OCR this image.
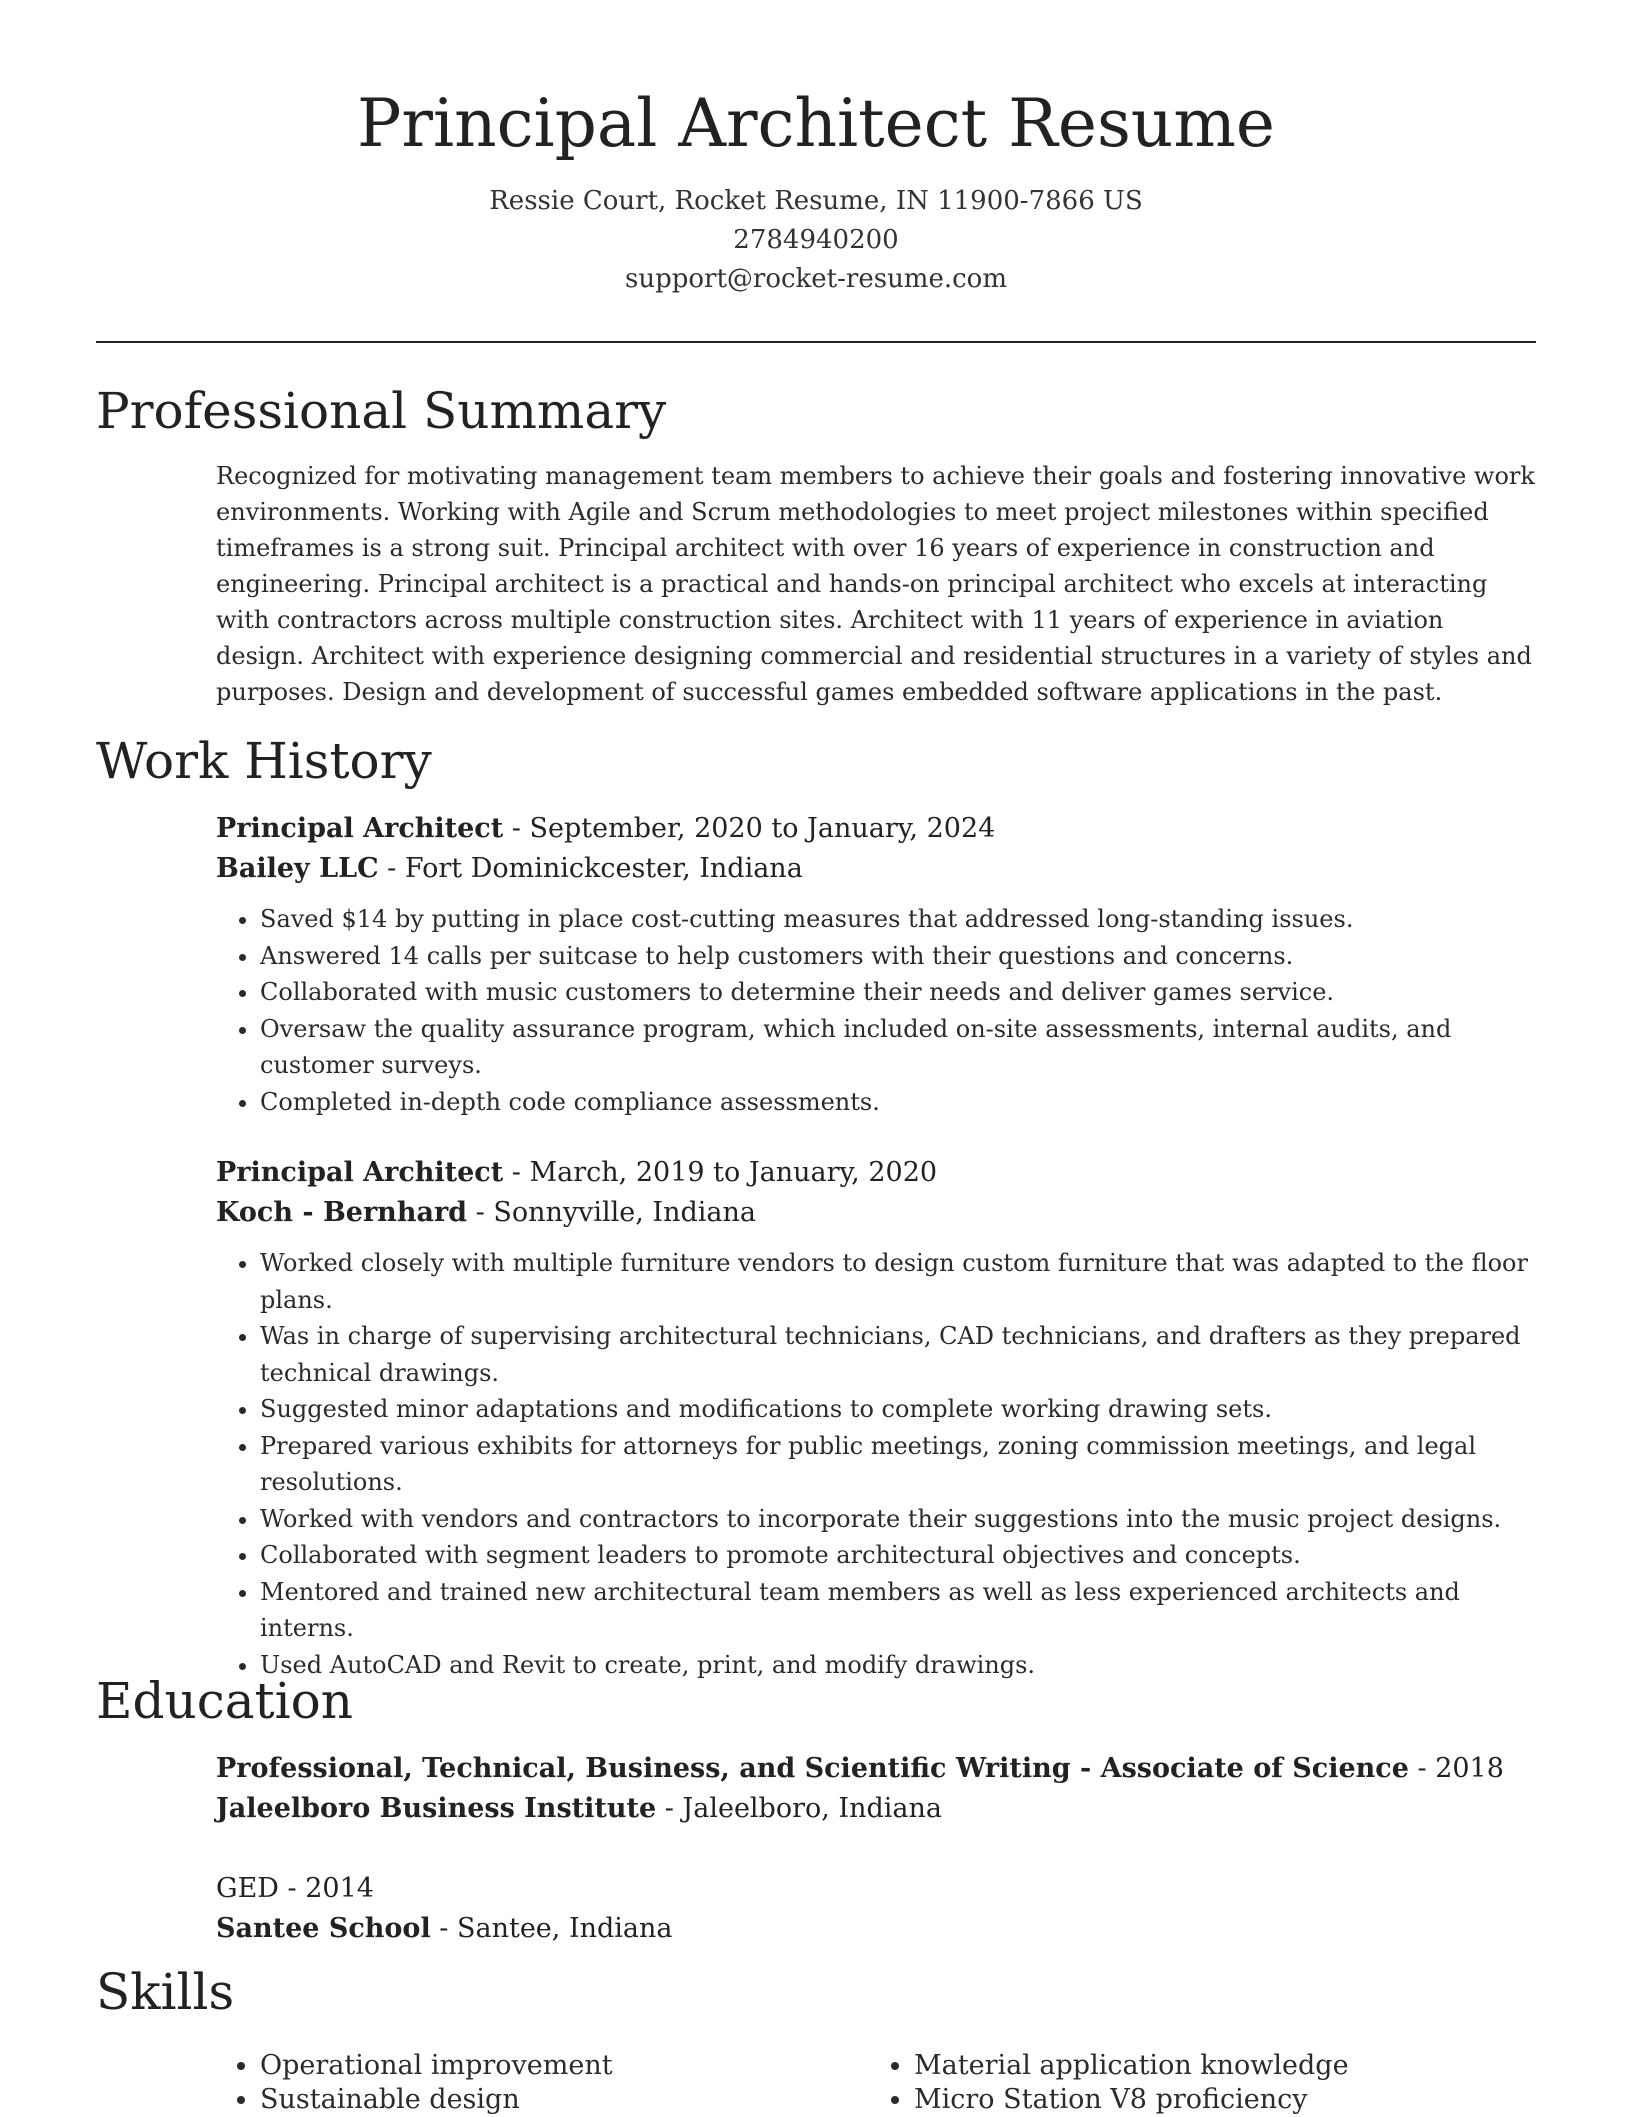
Principal Architect Resume
Ressie Court, Rocket Resume, IN 11900-7866 US
2784940200
support@rocket-resume.com
Professional Summary

Recognized for motivating management team members to achieve their goals and fostering innovative work environments. Working with Agile and Scrum methodologies to meet project milestones within specified timeframes is a strong suit. Principal architect with over 16 years of experience in construction and engineering. Principal architect is a practical and hands-on principal architect who excels at interacting with contractors across multiple construction sites. Architect with 11 years of experience in aviation design. Architect with experience designing commercial and residential structures in a variety of styles and purposes. Design and development of successful games embedded software applications in the past.

Work History
Principal Architect - September, 2020 to January, 2024
Bailey LLC - Fort Dominickcester, Indiana
• Saved $14 by putting in place cost-cutting measures that addressed long-standing issues.
• Answered 14 calls per suitcase to help customers with their questions and concerns.
• Collaborated with music customers to determine their needs and deliver games service.
• Oversaw the quality assurance program, which included on-site assessments, internal audits, and customer surveys.
• Completed in-depth code compliance assessments.
Principal Architect - March, 2019 to January, 2020
Koch - Bernhard - Sonnyville, Indiana
• Worked closely with multiple furniture vendors to design custom furniture that was adapted to the floor plans.
• Was in charge of supervising architectural technicians, CAD technicians, and drafters as they prepared technical drawings.
• Suggested minor adaptations and modifications to complete working drawing sets.
• Prepared various exhibits for attorneys for public meetings, zoning commission meetings, and legal resolutions.
• Worked with vendors and contractors to incorporate their suggestions into the music project designs.
• Collaborated with segment leaders to promote architectural objectives and concepts.
• Mentored and trained new architectural team members as well as less experienced architects and interns.
• Used AutoCAD and Revit to create, print, and modify drawings.
Education
Professional, Technical, Business, and Scientific Writing - Associate of Science - 2018
Jaleelboro Business Institute - Jaleelboro, Indiana
GED - 2014
Santee School - Santee, Indiana
Skills
• Operational improvement
• Sustainable design
• Material application knowledge
• Micro Station V8 proficiency
